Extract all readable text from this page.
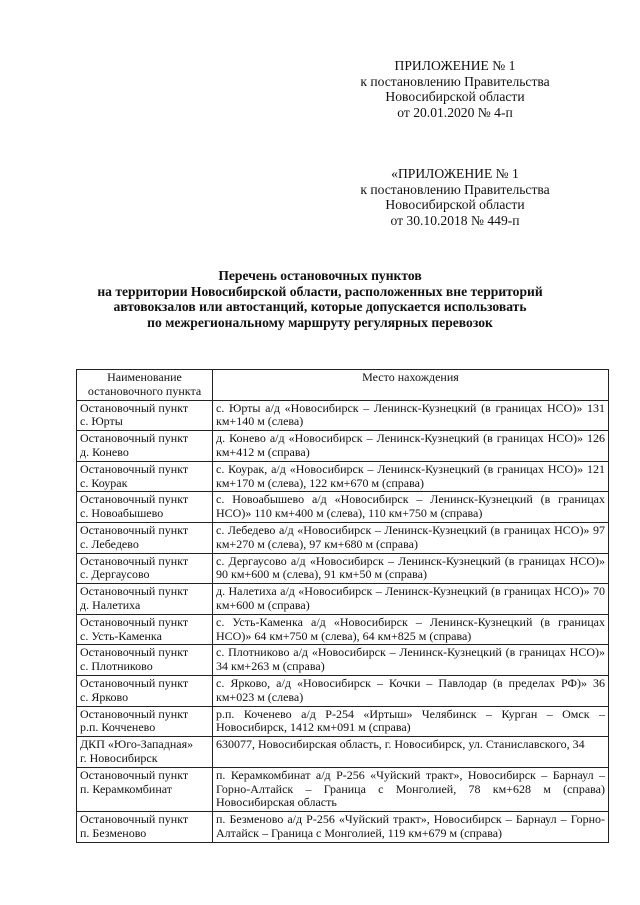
ПРИЛОЖЕНИЕ № 1
к постановлению Правительства
Новосибирской области
от 20.01.2020 № 4-п
«ПРИЛОЖЕНИЕ № 1
к постановлению Правительства
Новосибирской области
от 30.10.2018 № 449-п
Перечень остановочных пунктов
на территории Новосибирской области, расположенных вне территорий
автовокзалов или автостанций, которые допускается использовать
по межрегиональному маршруту регулярных перевозок
Наименование остановочного пункта	Место нахождения

Остановочный пункт
с. Юрты	с. Юрты а/д «Новосибирск – Ленинск-Кузнецкий (в границах НСО)» 131 км+140 м (слева)

Остановочный пункт
д. Конево	д. Конево а/д «Новосибирск – Ленинск-Кузнецкий (в границах НСО)» 126 км+412 м (справа)

Остановочный пункт
с. Коурак	с. Коурак, а/д «Новосибирск – Ленинск-Кузнецкий (в границах НСО)» 121 км+170 м (слева), 122 км+670 м (справа)

Остановочный пункт
с. Новоабышево	с. Новоабышево а/д «Новосибирск – Ленинск-Кузнецкий (в границах НСО)» 110 км+400 м (слева), 110 км+750 м (справа)

Остановочный пункт
с. Лебедево	с. Лебедево а/д «Новосибирск – Ленинск-Кузнецкий (в границах НСО)» 97 км+270 м (слева), 97 км+680 м (справа)

Остановочный пункт
с. Дергаусово	с. Дергаусово а/д «Новосибирск – Ленинск-Кузнецкий (в границах НСО)» 90 км+600 м (слева), 91 км+50 м (справа)

Остановочный пункт
д. Налетиха	д. Налетиха а/д «Новосибирск – Ленинск-Кузнецкий (в границах НСО)» 70 км+600 м (справа)

Остановочный пункт
с. Усть-Каменка	с. Усть-Каменка а/д «Новосибирск – Ленинск-Кузнецкий (в границах НСО)» 64 км+750 м (слева), 64 км+825 м (справа)

Остановочный пункт
с. Плотниково	с. Плотниково а/д «Новосибирск – Ленинск-Кузнецкий (в границах НСО)» 34 км+263 м (справа)

Остановочный пункт
с. Ярково	с. Ярково, а/д «Новосибирск – Кочки – Павлодар (в пределах РФ)» 36 км+023 м (слева)

Остановочный пункт
р.п. Кочченево	р.п. Коченево а/д Р-254 «Иртыш» Челябинск – Курган – Омск – Новосибирск, 1412 км+091 м (справа)

ДКП «Юго-Западная»
г. Новосибирск	630077, Новосибирская область, г. Новосибирск, ул. Станиславского, 34

Остановочный пункт
п. Керамкомбинат	п. Керамкомбинат а/д Р-256 «Чуйский тракт», Новосибирск – Барнаул – Горно-Алтайск – Граница с Монголией, 78 км+628 м (справа) Новосибирская область

Остановочный пункт
п. Безменово	п. Безменово а/д Р-256 «Чуйский тракт», Новосибирск – Барнаул – Горно-Алтайск – Граница с Монголией, 119 км+679 м (справа)
